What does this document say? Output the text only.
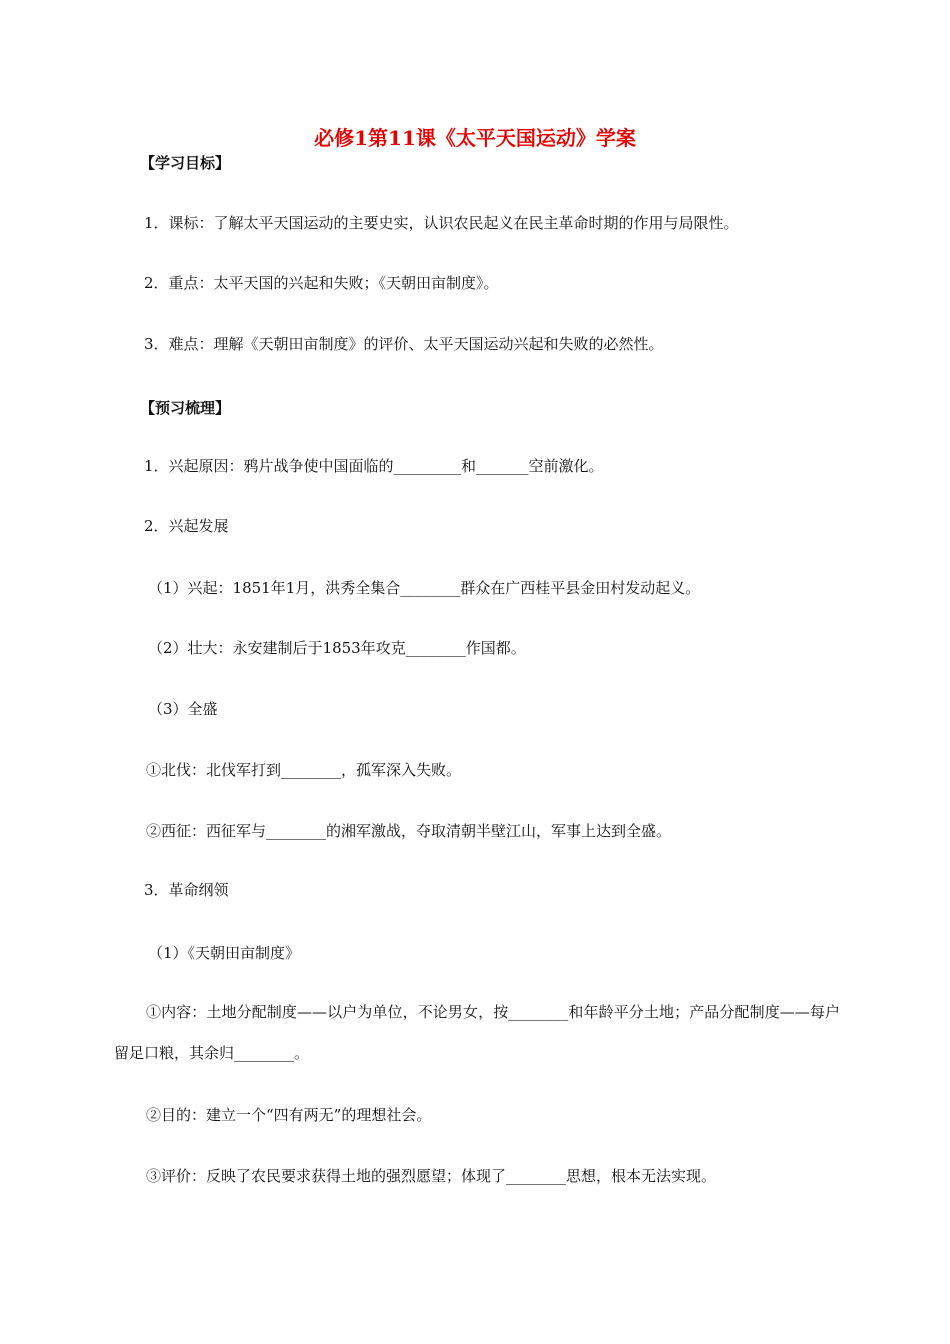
必修1第11课《太平天国运动》学案
【学习目标】
1．课标：了解太平天国运动的主要史实，认识农民起义在民主革命时期的作用与局限性。
2．重点：太平天国的兴起和失败；《天朝田亩制度》。
3．难点：理解《天朝田亩制度》的评价、太平天国运动兴起和失败的必然性。
【预习梳理】
1．兴起原因：鸦片战争使中国面临的_________和_______空前激化。
2．兴起发展
（1）兴起：1851年1月，洪秀全集合________群众在广西桂平县金田村发动起义。
（2）壮大：永安建制后于1853年攻克________作国都。
（3）全盛
①北伐：北伐军打到________，孤军深入失败。
②西征：西征军与________的湘军激战，夺取清朝半壁江山，军事上达到全盛。
3．革命纲领
（1）《天朝田亩制度》
①内容：土地分配制度——以户为单位，不论男女，按________和年龄平分土地；产品分配制度——每户留足口粮，其余归________。
②目的：建立一个“四有两无”的理想社会。
③评价：反映了农民要求获得土地的强烈愿望；体现了________思想，根本无法实现。
